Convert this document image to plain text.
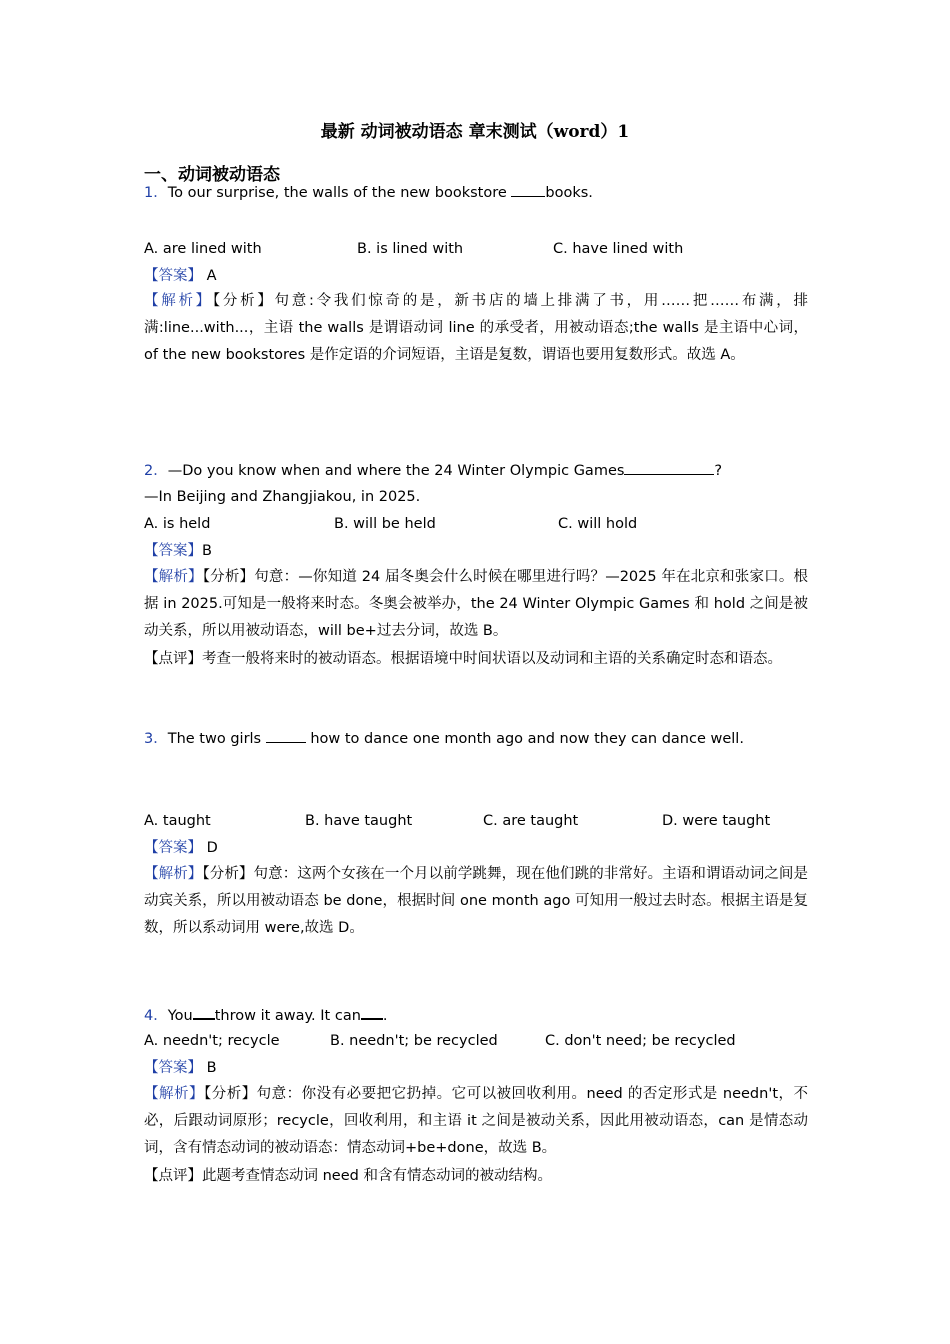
最新 动词被动语态 章末测试（word）1
一、动词被动语态
1．To our surprise, the walls of the new bookstore books.
A. are lined with	B. is lined with	C. have lined with
【答案】 A
【解析】【分析】句意:令我们惊奇的是，新书店的墙上排满了书，用……把……布满，排满:line...with...，主语 the walls 是谓语动词 line 的承受者，用被动语态;the walls 是主语中心词，of the new bookstores 是作定语的介词短语，主语是复数，谓语也要用复数形式。故选 A。
2．—Do you know when and where the 24 Winter Olympic Games	?
—In Beijing and Zhangjiakou, in 2025.
A. is held	B. will be held	C. will hold
【答案】B
【解析】【分析】句意：—你知道 24 届冬奥会什么时候在哪里进行吗？—2025 年在北京和张家口。根据 in 2025.可知是一般将来时态。冬奥会被举办，the 24 Winter Olympic Games 和 hold 之间是被动关系，所以用被动语态，will be+过去分词，故选 B。
【点评】考查一般将来时的被动语态。根据语境中时间状语以及动词和主语的关系确定时态和语态。
3．The two girls	how to dance one month ago and now they can dance well.
A. taught	B. have taught	C. are taught	D. were taught
【答案】 D
【解析】【分析】句意：这两个女孩在一个月以前学跳舞，现在他们跳的非常好。主语和谓语动词之间是动宾关系，所以用被动语态 be done，根据时间 one month ago 可知用一般过去时态。根据主语是复数，所以系动词用 were,故选 D。
4．You throw it away. It can .
A. needn't; recycle	B. needn't; be recycled	C. don't need; be recycled
【答案】 B
【解析】【分析】句意：你没有必要把它扔掉。它可以被回收利用。need 的否定形式是 needn't，不必，后跟动词原形；recycle，回收利用，和主语 it 之间是被动关系，因此用被动语态，can 是情态动词，含有情态动词的被动语态：情态动词+be+done，故选 B。
【点评】此题考查情态动词 need 和含有情态动词的被动结构。
